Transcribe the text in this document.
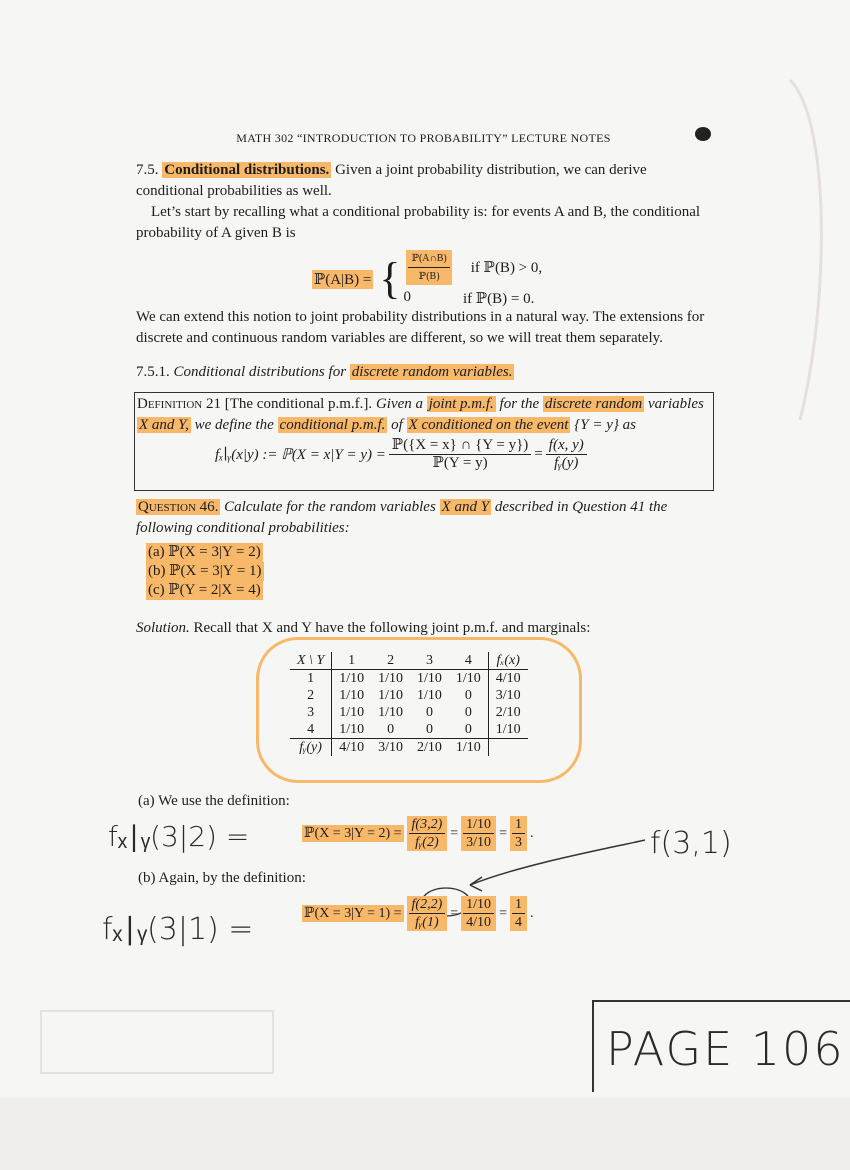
MATH 302 “INTRODUCTION TO PROBABILITY” LECTURE NOTES
7.5. Conditional distributions. Given a joint probability distribution, we can derive conditional probabilities as well.
Let’s start by recalling what a conditional probability is: for events A and B, the conditional probability of A given B is
ℙ(A|B) = { $\frac{\text{ℙ(A∩B)}}{\text{ℙ(B)}}$ if ℙ(B) > 0,
0	if ℙ(B) = 0.
We can extend this notion to joint probability distributions in a natural way. The extensions for discrete and continuous random variables are different, so we will treat them separately.
7.5.1. Conditional distributions for discrete random variables.
Definition 21 [The conditional p.m.f.]. Given a joint p.m.f. for the discrete random variables X and Y, we define the conditional p.m.f. of X conditioned on the event {Y = y} as
fₓ∣ᵧ(x|y) := ℙ(X = $x|Y = y) = \frac{\text{ℙ(\{X = x\} ∩ \{Y = y\})}}{\text{ℙ(Y = y)}} = \frac{f(x, y)}{\text{fᵧ(y)}}$
Question 46. Calculate for the random variables X and Y described in Question 41 the following conditional probabilities:
(a) ℙ(X = 3|Y = 2)
(b) ℙ(X = 3|Y = 1)
(c) ℙ(Y = 2|X = 4)
Solution. Recall that X and Y have the following joint p.m.f. and marginals:
X \ Y	1	2	3	4	fₓ(x)
1	1/10	1/10	1/10	1/10	4/10
2	1/10	1/10	1/10	0	3/10
3	1/10	1/10	0	0	2/10
4	1/10	0	0	0	1/10
fᵧ(y)	4/10	3/10	2/10	1/10	
(a) We use the definition:
fₓ∣ᵧ(3|2) =	ℙ(X = $3|Y = 2) = \frac{f(3,2)}{\text{fᵧ(2)}} = \frac{1/10}{3/10} = \frac{1}{3}$ .	f(3,1)
(b) Again, by the definition:
fₓ∣ᵧ(3|1) =	ℙ(X = $3|Y = 1) = \frac{f(2,2)}{\text{fᵧ(1)}} = \frac{1/10}{4/10} = \frac{1}{4}$ .
PAGE 106
